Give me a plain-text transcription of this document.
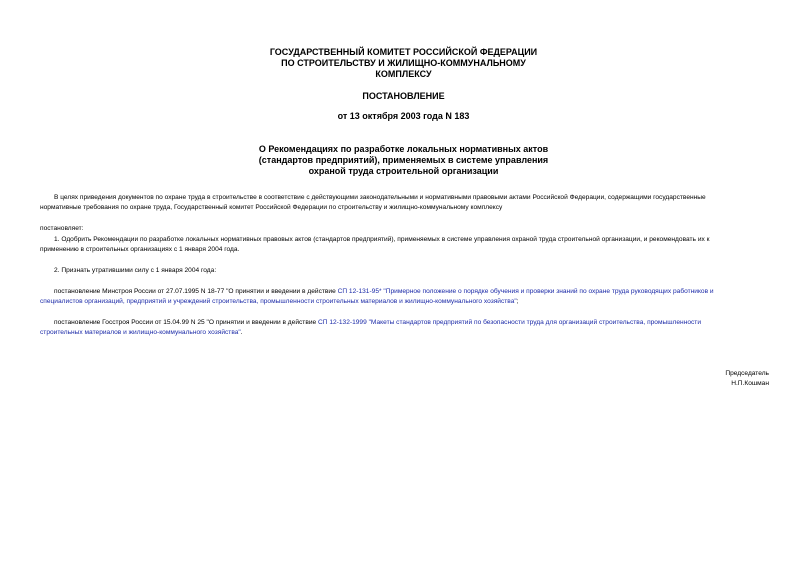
ГОСУДАРСТВЕННЫЙ КОМИТЕТ РОССИЙСКОЙ ФЕДЕРАЦИИ
ПО СТРОИТЕЛЬСТВУ И ЖИЛИЩНО-КОММУНАЛЬНОМУ
КОМПЛЕКСУ
ПОСТАНОВЛЕНИЕ
от 13 октября 2003 года N 183
О Рекомендациях по разработке локальных нормативных актов
(стандартов предприятий), применяемых в системе управления
охраной труда строительной организации
В целях приведения документов по охране труда в строительстве в соответствие с действующими законодательными и нормативными правовыми актами Российской Федерации, содержащими государственные
нормативные требования по охране труда, Государственный комитет Российской Федерации по строительству и жилищно-коммунальному комплексу
постановляет:
1. Одобрить Рекомендации по разработке локальных нормативных правовых актов (стандартов предприятий), применяемых в системе управления охраной труда строительной организации, и рекомендовать их к
применению в строительных организациях с 1 января 2004 года.
2. Признать утратившими силу с 1 января 2004 года:
постановление Минстроя России от 27.07.1995 N 18-77 "О принятии и введении в действие СП 12-131-95* "Примерное положение о порядке обучения и проверки знаний по охране труда руководящих работников и
специалистов организаций, предприятий и учреждений строительства, промышленности строительных материалов и жилищно-коммунального хозяйства";
постановление Госстроя России от 15.04.99 N 25 "О принятии и введении в действие СП 12-132-1999 "Макеты стандартов предприятий по безопасности труда для организаций строительства, промышленности
строительных материалов и жилищно-коммунального хозяйства".
Председатель
Н.П.Кошман
